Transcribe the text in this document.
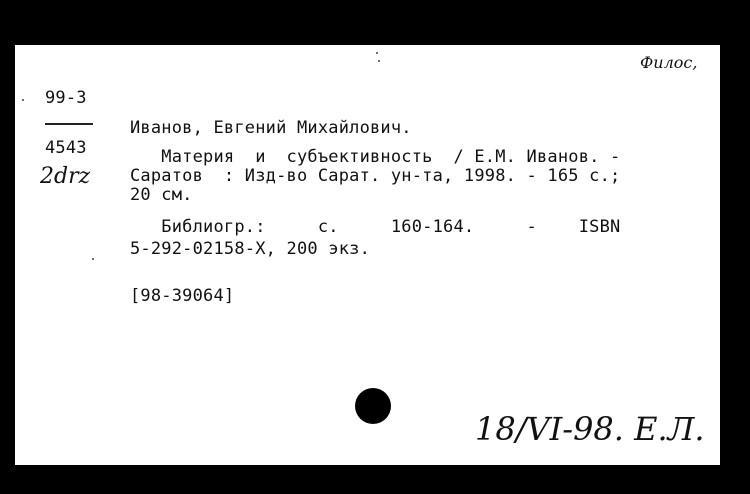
99-3
4543
2drz
Филос,
Иванов, Евгений Михайлович.
Материя  и  субъективность  / Е.М. Иванов. -
Саратов  : Изд-во Сарат. ун-та, 1998. - 165 с.;
20 см.
Библиогр.:     с.     160-164.     -    ISBN
5-292-02158-X, 200 экз.
[98-39064]
18/VI-98. Е.Л.
